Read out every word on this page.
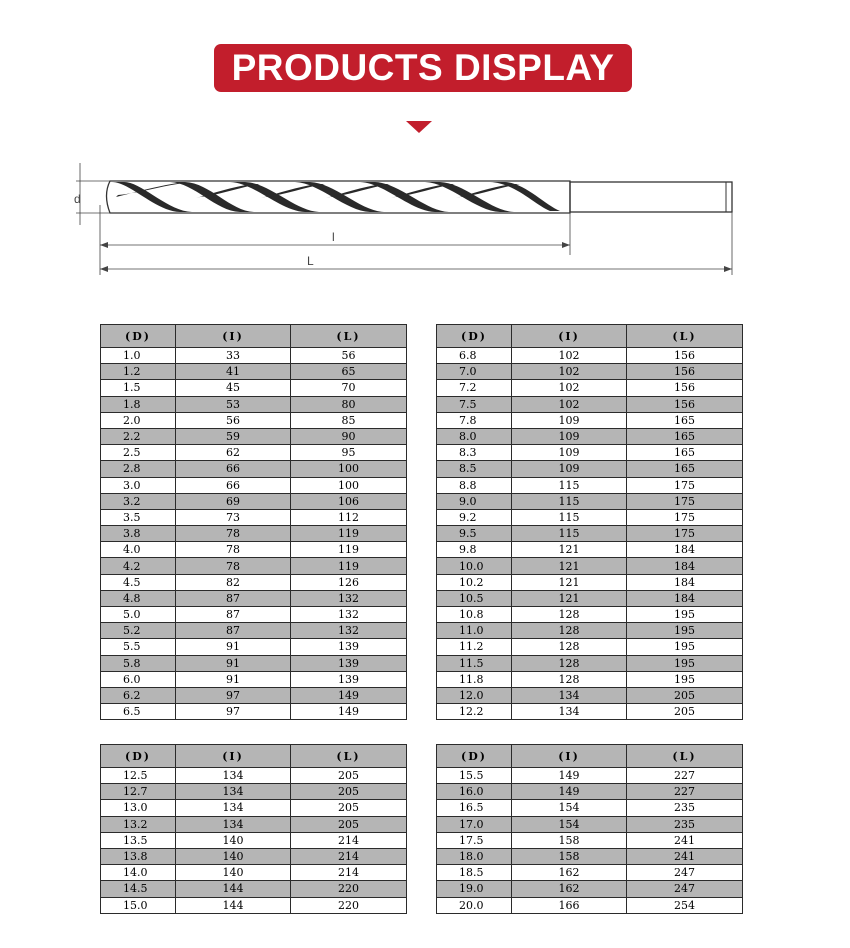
PRODUCTS DISPLAY
d
l
L
(D)	(I)	(L)
1.0	33	56
1.2	41	65
1.5	45	70
1.8	53	80
2.0	56	85
2.2	59	90
2.5	62	95
2.8	66	100
3.0	66	100
3.2	69	106
3.5	73	112
3.8	78	119
4.0	78	119
4.2	78	119
4.5	82	126
4.8	87	132
5.0	87	132
5.2	87	132
5.5	91	139
5.8	91	139
6.0	91	139
6.2	97	149
6.5	97	149
(D)	(I)	(L)
6.8	102	156
7.0	102	156
7.2	102	156
7.5	102	156
7.8	109	165
8.0	109	165
8.3	109	165
8.5	109	165
8.8	115	175
9.0	115	175
9.2	115	175
9.5	115	175
9.8	121	184
10.0	121	184
10.2	121	184
10.5	121	184
10.8	128	195
11.0	128	195
11.2	128	195
11.5	128	195
11.8	128	195
12.0	134	205
12.2	134	205
(D)	(I)	(L)
12.5	134	205
12.7	134	205
13.0	134	205
13.2	134	205
13.5	140	214
13.8	140	214
14.0	140	214
14.5	144	220
15.0	144	220
(D)	(I)	(L)
15.5	149	227
16.0	149	227
16.5	154	235
17.0	154	235
17.5	158	241
18.0	158	241
18.5	162	247
19.0	162	247
20.0	166	254
